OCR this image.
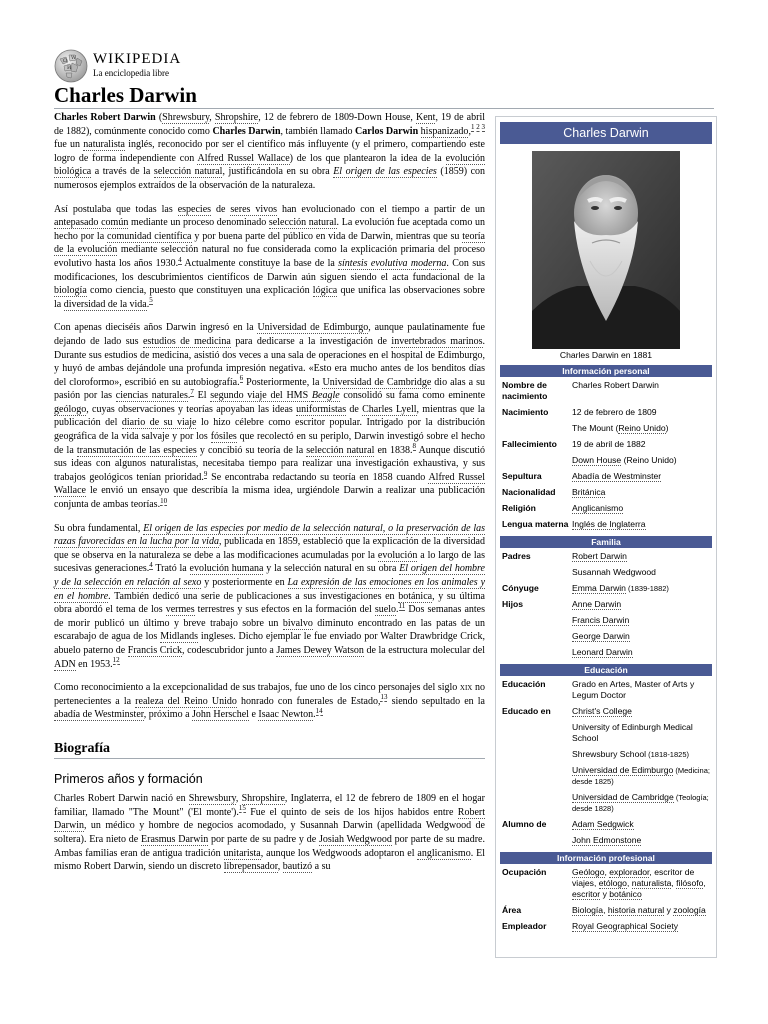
Ω W
И
WIKIPEDIA
La enciclopedia libre
Charles Darwin

Charles Robert Darwin (Shrewsbury, Shropshire, 12 de febrero de 1809-Down House, Kent, 19 de abril de 1882), comúnmente conocido como Charles Darwin, también llamado Carlos Darwin hispanizado,$^{1 2 3}$ fue un naturalista inglés, reconocido por ser el científico más influyente (y el primero, compartiendo este logro de forma independiente con Alfred Russel Wallace) de los que plantearon la idea de la evolución biológica a través de la selección natural, justificándola en su obra El origen de las especies (1859) con numerosos ejemplos extraídos de la observación de la naturaleza.

Así postulaba que todas las especies de seres vivos han evolucionado con el tiempo a partir de un antepasado común mediante un proceso denominado selección natural. La evolución fue aceptada como un hecho por la comunidad científica y por buena parte del público en vida de Darwin, mientras que su teoría de la evolución mediante selección natural no fue considerada como la explicación primaria del proceso evolutivo hasta los años 1930.$^4$ Actualmente constituye la base de la síntesis evolutiva moderna. Con sus modificaciones, los descubrimientos científicos de Darwin aún siguen siendo el acta fundacional de la biología como ciencia, puesto que constituyen una explicación lógica que unifica las observaciones sobre la diversidad de la vida.$^5$

Con apenas dieciséis años Darwin ingresó en la Universidad de Edimburgo, aunque paulatinamente fue dejando de lado sus estudios de medicina para dedicarse a la investigación de invertebrados marinos. Durante sus estudios de medicina, asistió dos veces a una sala de operaciones en el hospital de Edimburgo, y huyó de ambas dejándole una profunda impresión negativa. «Esto era mucho antes de los benditos días del cloroformo», escribió en su autobiografía.$^6$ Posteriormente, la Universidad de Cambridge dio alas a su pasión por las ciencias naturales.$^7$ El segundo viaje del HMS Beagle consolidó su fama como eminente geólogo, cuyas observaciones y teorías apoyaban las ideas uniformistas de Charles Lyell, mientras que la publicación del diario de su viaje lo hizo célebre como escritor popular. Intrigado por la distribución geográfica de la vida salvaje y por los fósiles que recolectó en su periplo, Darwin investigó sobre el hecho de la transmutación de las especies y concibió su teoría de la selección natural en 1838.$^8$ Aunque discutió sus ideas con algunos naturalistas, necesitaba tiempo para realizar una investigación exhaustiva, y sus trabajos geológicos tenían prioridad.$^9$ Se encontraba redactando su teoría en 1858 cuando Alfred Russel Wallace le envió un ensayo que describía la misma idea, urgiéndole Darwin a realizar una publicación conjunta de ambas teorías.$^{10}$

Su obra fundamental, El origen de las especies por medio de la selección natural, o la preservación de las razas favorecidas en la lucha por la vida, publicada en 1859, estableció que la explicación de la diversidad que se observa en la naturaleza se debe a las modificaciones acumuladas por la evolución a lo largo de las sucesivas generaciones.$^4$ Trató la evolución humana y la selección natural en su obra El origen del hombre y de la selección en relación al sexo y posteriormente en La expresión de las emociones en los animales y en el hombre. También dedicó una serie de publicaciones a sus investigaciones en botánica, y su última obra abordó el tema de los vermes terrestres y sus efectos en la formación del suelo.$^{11}$ Dos semanas antes de morir publicó un último y breve trabajo sobre un bivalvo diminuto encontrado en las patas de un escarabajo de agua de los Midlands ingleses. Dicho ejemplar le fue enviado por Walter Drawbridge Crick, abuelo paterno de Francis Crick, codescubridor junto a James Dewey Watson de la estructura molecular del ADN en 1953.12

Como reconocimiento a la excepcionalidad de sus trabajos, fue uno de los cinco personajes del siglo xix no pertenecientes a la realeza del Reino Unido honrado con funerales de Estado,$^{13}$ siendo sepultado en la abadía de Westminster, próximo a John Herschel e Isaac Newton.$^{14}$

Biografía
Primeros años y formación

Charles Robert Darwin nació en Shrewsbury, Shropshire, Inglaterra, el 12 de febrero de 1809 en el hogar familiar, llamado "The Mount" ('El monte').$^{15}$ Fue el quinto de seis de los hijos habidos entre Robert Darwin, un médico y hombre de negocios acomodado, y Susannah Darwin (apellidada Wedgwood de soltera). Era nieto de Erasmus Darwin por parte de su padre y de Josiah Wedgwood por parte de su madre. Ambas familias eran de antigua tradición unitarista, aunque los Wedgwoods adoptaron el anglicanismo. El mismo Robert Darwin, siendo un discreto librepensador, bautizó a su

Charles Darwin
Charles Darwin en 1881
Información personal
Nombre de nacimiento	Charles Robert Darwin

Nacimiento	12 de febrero de 1809
The Mount (Reino Unido)

Fallecimiento	19 de abril de 1882
Down House (Reino Unido)

Sepultura	Abadía de Westminster

Nacionalidad	Británica

Religión	Anglicanismo

Lengua materna	Inglés de Inglaterra
Familia
Padres	Robert Darwin
Susannah Wedgwood

Cónyuge	Emma Darwin (1839-1882)

Hijos	Anne Darwin
Francis Darwin
George Darwin
Leonard Darwin
Educación
Educación	Grado en Artes, Master of Arts y Legum Doctor

Educado en	Christ's College
University of Edinburgh Medical School
Shrewsbury School (1818-1825)
Universidad de Edimburgo (Medicina; desde 1825)
Universidad de Cambridge (Teología; desde 1828)

Alumno de	Adam Sedgwick
John Edmonstone
Información profesional
Ocupación	Geólogo, explorador, escritor de viajes, etólogo, naturalista, filósofo, escritor y botánico

Área	Biología, historia natural y zoología

Empleador	Royal Geographical Society
